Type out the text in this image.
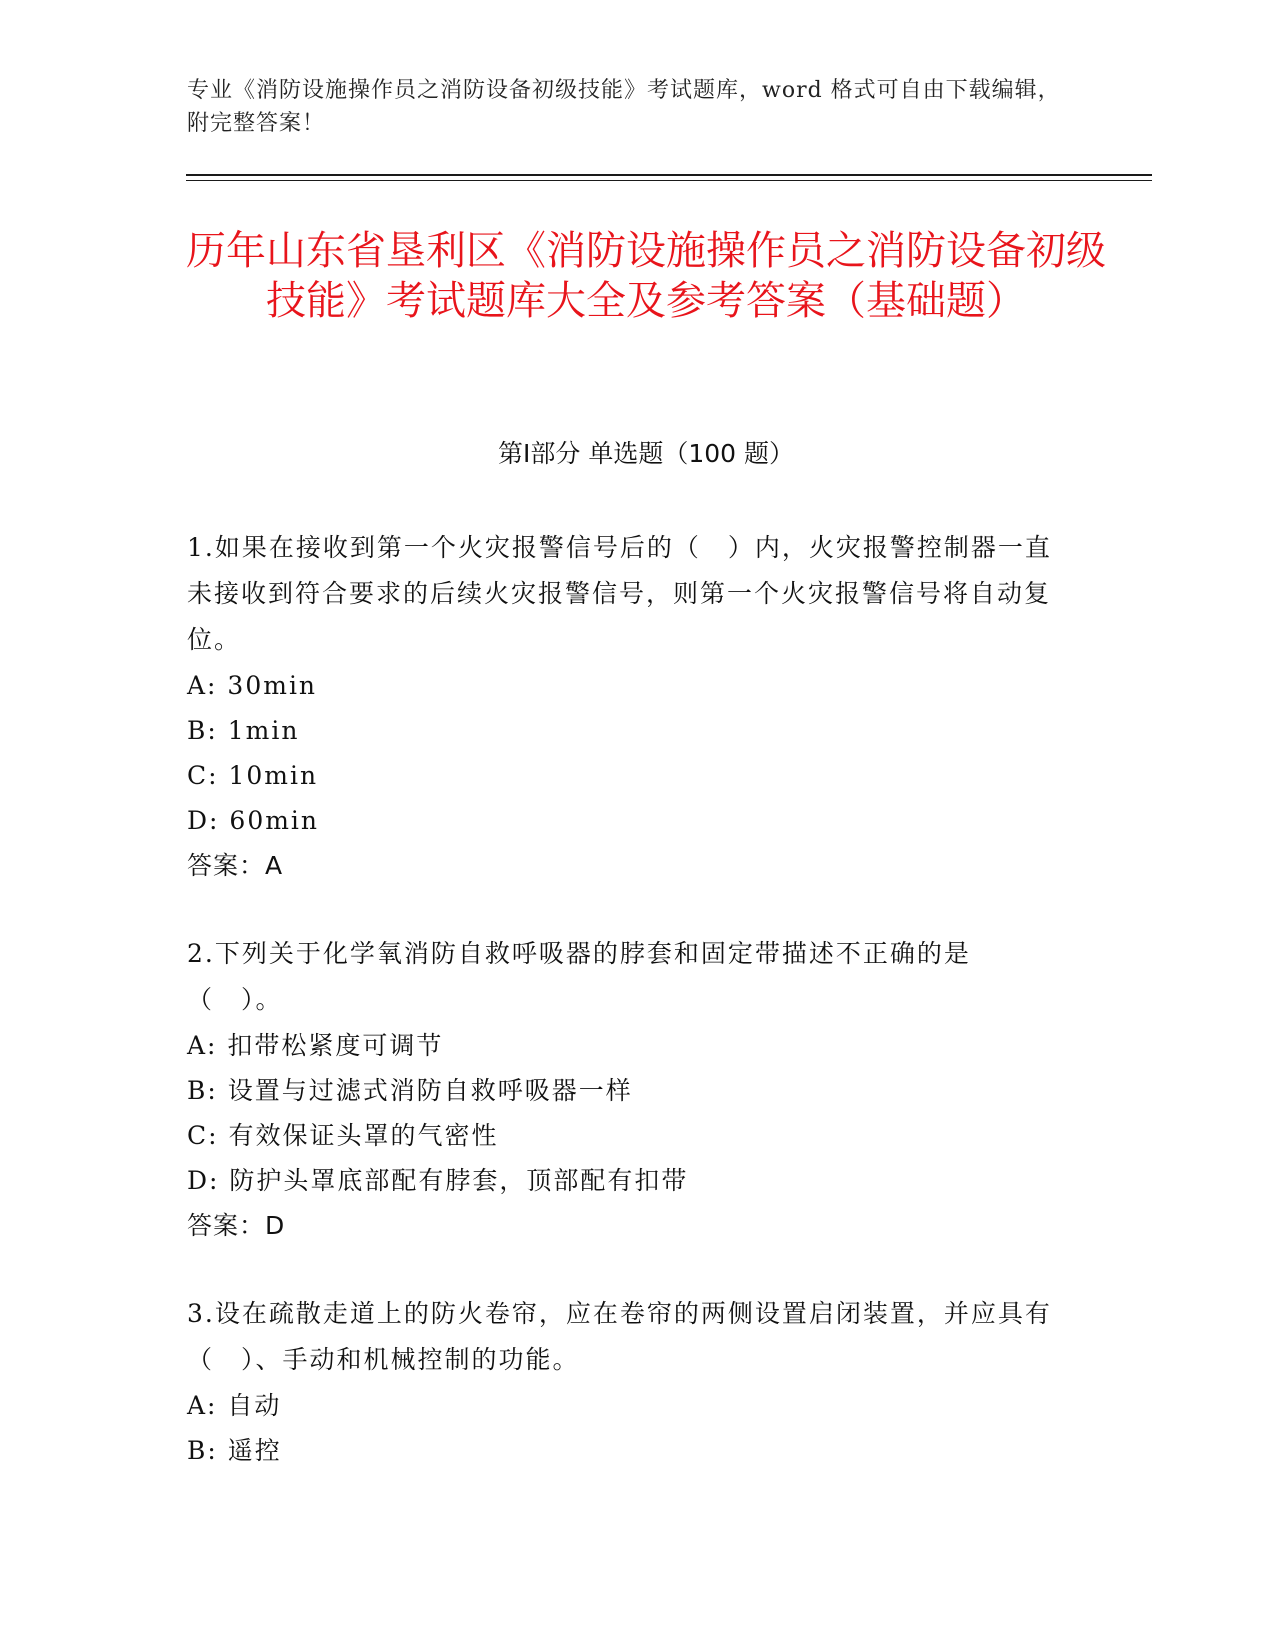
专业《消防设施操作员之消防设备初级技能》考试题库，word 格式可自由下载编辑，附完整答案！
历年山东省垦利区《消防设施操作员之消防设备初级技能》考试题库大全及参考答案（基础题）
第Ⅰ部分 单选题（100 题）

1.如果在接收到第一个火灾报警信号后的（　）内，火灾报警控制器一直未接收到符合要求的后续火灾报警信号，则第一个火灾报警信号将自动复位。

A: 30min

B: 1min

C: 10min

D: 60min

答案：A

2.下列关于化学氧消防自救呼吸器的脖套和固定带描述不正确的是（　）。

A: 扣带松紧度可调节

B: 设置与过滤式消防自救呼吸器一样

C: 有效保证头罩的气密性

D: 防护头罩底部配有脖套，顶部配有扣带

答案：D

3.设在疏散走道上的防火卷帘，应在卷帘的两侧设置启闭装置，并应具有（　）、手动和机械控制的功能。

A: 自动

B: 遥控
